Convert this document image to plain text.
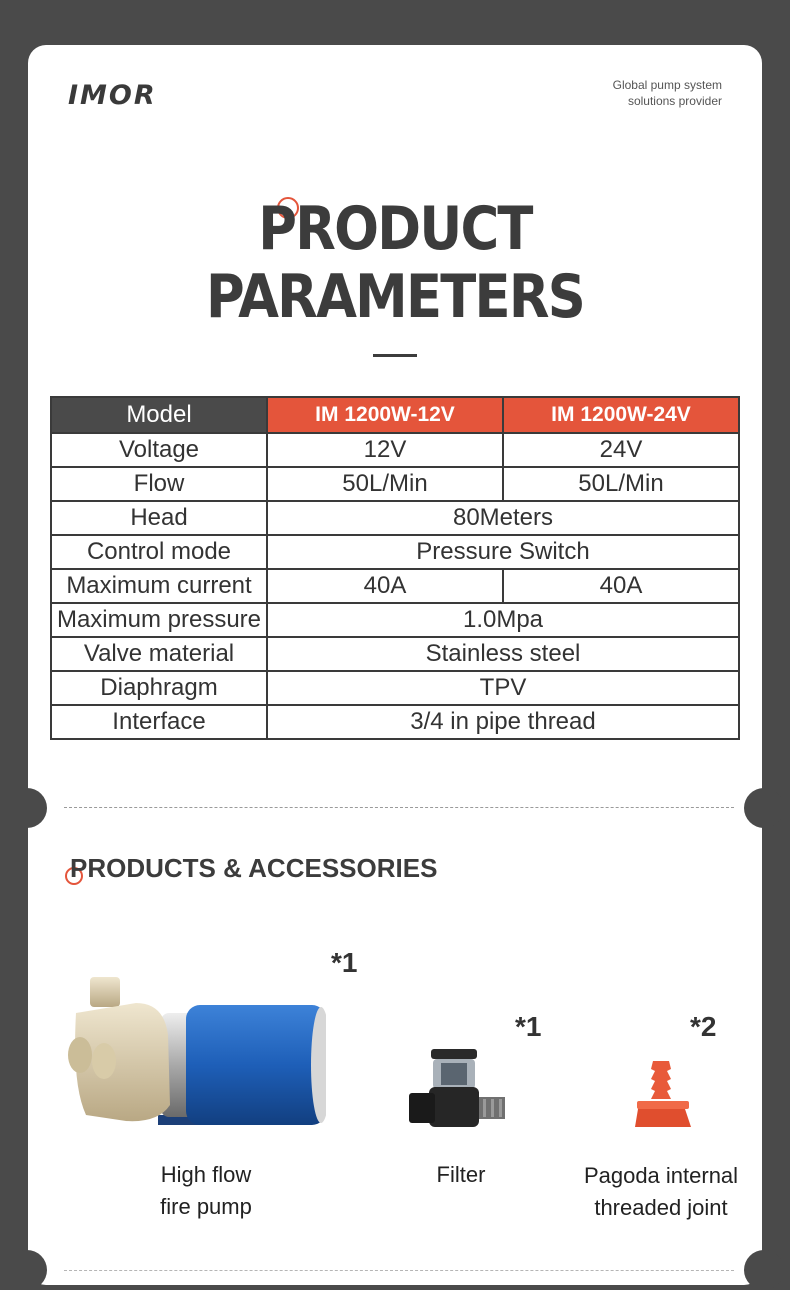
IMOR	Global pump system
solutions provider
PRODUCT
PARAMETERS
Model	IM 1200W-12V	IM 1200W-24V
Voltage	12V	24V
Flow	50L/Min	50L/Min
Head	80Meters	
Control mode	Pressure Switch	
Maximum current	40A	40A
Maximum pressure	1.0Mpa	
Valve material	Stainless steel	
Diaphragm	TPV	
Interface	3/4 in pipe thread	
PRODUCTS & ACCESSORIES
*1
High flow
fire pump
*1
Filter
*2
Pagoda internal
threaded joint
